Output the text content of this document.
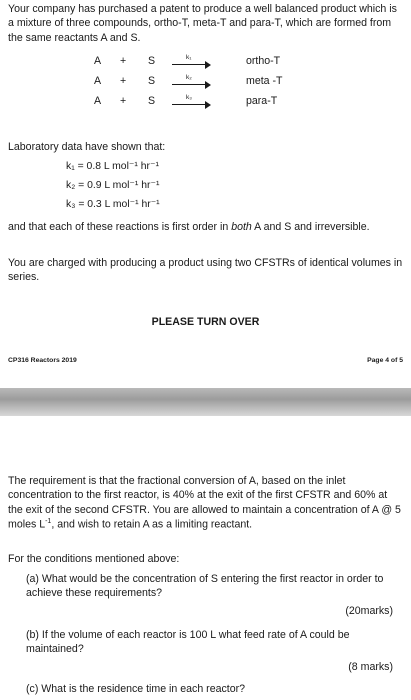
Your company has purchased a patent to produce a well balanced product which is a mixture of three compounds, ortho-T, meta-T and para-T, which are formed from the same reactants A and S.

A + S	k₁	ortho-T
A + S	k₂	meta -T
A + S	k₃	para-T

Laboratory data have shown that:

k₁ = 0.8 L mol⁻¹ hr⁻¹
k₂ = 0.9 L mol⁻¹ hr⁻¹
k₃ = 0.3 L mol⁻¹ hr⁻¹

and that each of these reactions is first order in both A and S and irreversible.

You are charged with producing a product using two CFSTRs of identical volumes in series.

PLEASE TURN OVER
CP316 Reactors 2019	Page 4 of 5

The requirement is that the fractional conversion of A, based on the inlet concentration to the first reactor, is 40% at the exit of the first CFSTR and 60% at the exit of the second CFSTR. You are allowed to maintain a concentration of A @ 5 moles $L^{-1}$, and wish to retain A as a limiting reactant.

For the conditions mentioned above:

(a) What would be the concentration of S entering the first reactor in order to achieve these requirements?

(20marks)

(b) If the volume of each reactor is 100 L what feed rate of A could be maintained?

(8 marks)

(c) What is the residence time in each reactor?
